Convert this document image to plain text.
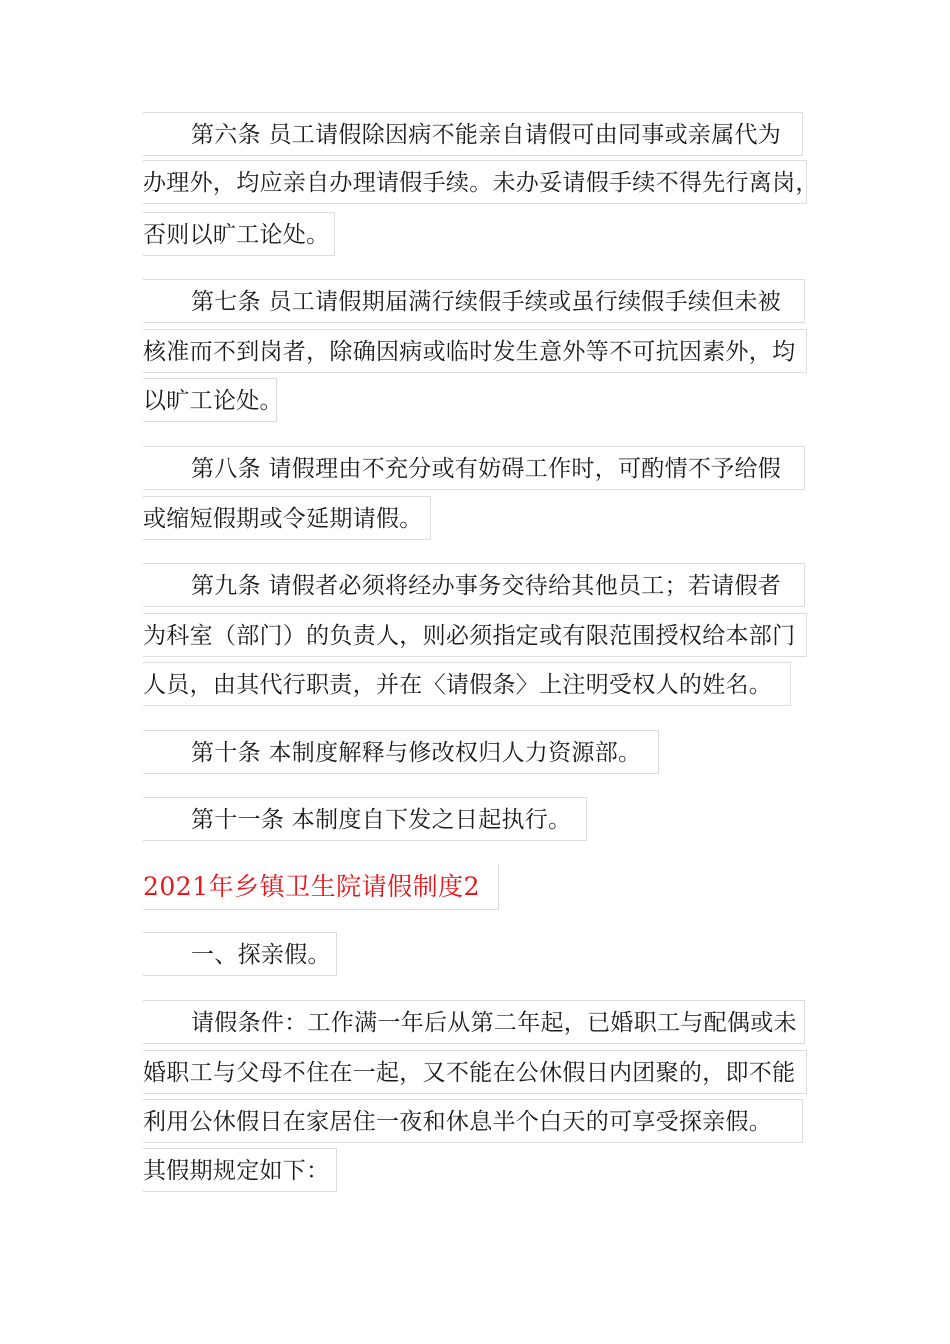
第六条 员工请假除因病不能亲自请假可由同事或亲属代为
办理外，均应亲自办理请假手续。未办妥请假手续不得先行离岗，
否则以旷工论处。
第七条 员工请假期届满行续假手续或虽行续假手续但未被
核准而不到岗者，除确因病或临时发生意外等不可抗因素外，均
以旷工论处。
第八条 请假理由不充分或有妨碍工作时，可酌情不予给假
或缩短假期或令延期请假。
第九条 请假者必须将经办事务交待给其他员工；若请假者
为科室（部门）的负责人，则必须指定或有限范围授权给本部门
人员，由其代行职责，并在〈请假条〉上注明受权人的姓名。
第十条 本制度解释与修改权归人力资源部。
第十一条 本制度自下发之日起执行。
2021年乡镇卫生院请假制度2
一、探亲假。
请假条件：工作满一年后从第二年起，已婚职工与配偶或未
婚职工与父母不住在一起，又不能在公休假日内团聚的，即不能
利用公休假日在家居住一夜和休息半个白天的可享受探亲假。
其假期规定如下：
